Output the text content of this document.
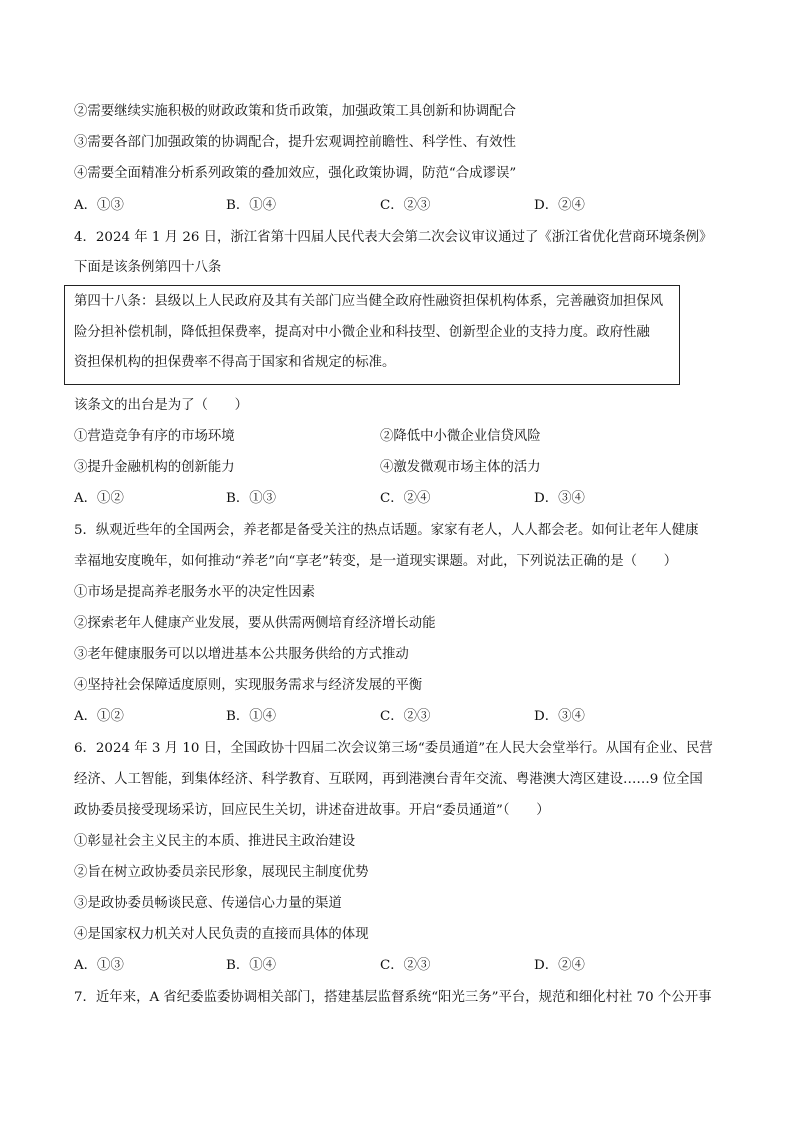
②需要继续实施积极的财政政策和货币政策，加强政策工具创新和协调配合
③需要各部门加强政策的协调配合，提升宏观调控前瞻性、科学性、有效性
④需要全面精准分析系列政策的叠加效应，强化政策协调，防范“合成谬误”
A．①③	B．①④	C．②③	D．②④
4．2024 年 1 月 26 日，浙江省第十四届人民代表大会第二次会议审议通过了《浙江省优化营商环境条例》
下面是该条例第四十八条
第四十八条：县级以上人民政府及其有关部门应当健全政府性融资担保机构体系，完善融资加担保风
险分担补偿机制，降低担保费率，提高对中小微企业和科技型、创新型企业的支持力度。政府性融
资担保机构的担保费率不得高于国家和省规定的标准。
该条文的出台是为了（　　）
①营造竞争有序的市场环境	②降低中小微企业信贷风险
③提升金融机构的创新能力	④激发微观市场主体的活力
A．①②	B．①③	C．②④	D．③④
5．纵观近些年的全国两会，养老都是备受关注的热点话题。家家有老人，人人都会老。如何让老年人健康
幸福地安度晚年，如何推动“养老”向“享老”转变，是一道现实课题。对此，下列说法正确的是（　　）
①市场是提高养老服务水平的决定性因素
②探索老年人健康产业发展，要从供需两侧培育经济增长动能
③老年健康服务可以以增进基本公共服务供给的方式推动
④坚持社会保障适度原则，实现服务需求与经济发展的平衡
A．①②	B．①④	C．②③	D．③④
6．2024 年 3 月 10 日，全国政协十四届二次会议第三场“委员通道”在人民大会堂举行。从国有企业、民营
经济、人工智能，到集体经济、科学教育、互联网，再到港澳台青年交流、粤港澳大湾区建设……9 位全国
政协委员接受现场采访，回应民生关切，讲述奋进故事。开启“委员通道”（　　）
①彰显社会主义民主的本质、推进民主政治建设
②旨在树立政协委员亲民形象，展现民主制度优势
③是政协委员畅谈民意、传递信心力量的渠道
④是国家权力机关对人民负责的直接而具体的体现
A．①③	B．①④	C．②③	D．②④
7．近年来，A 省纪委监委协调相关部门，搭建基层监督系统“阳光三务”平台，规范和细化村社 70 个公开事
